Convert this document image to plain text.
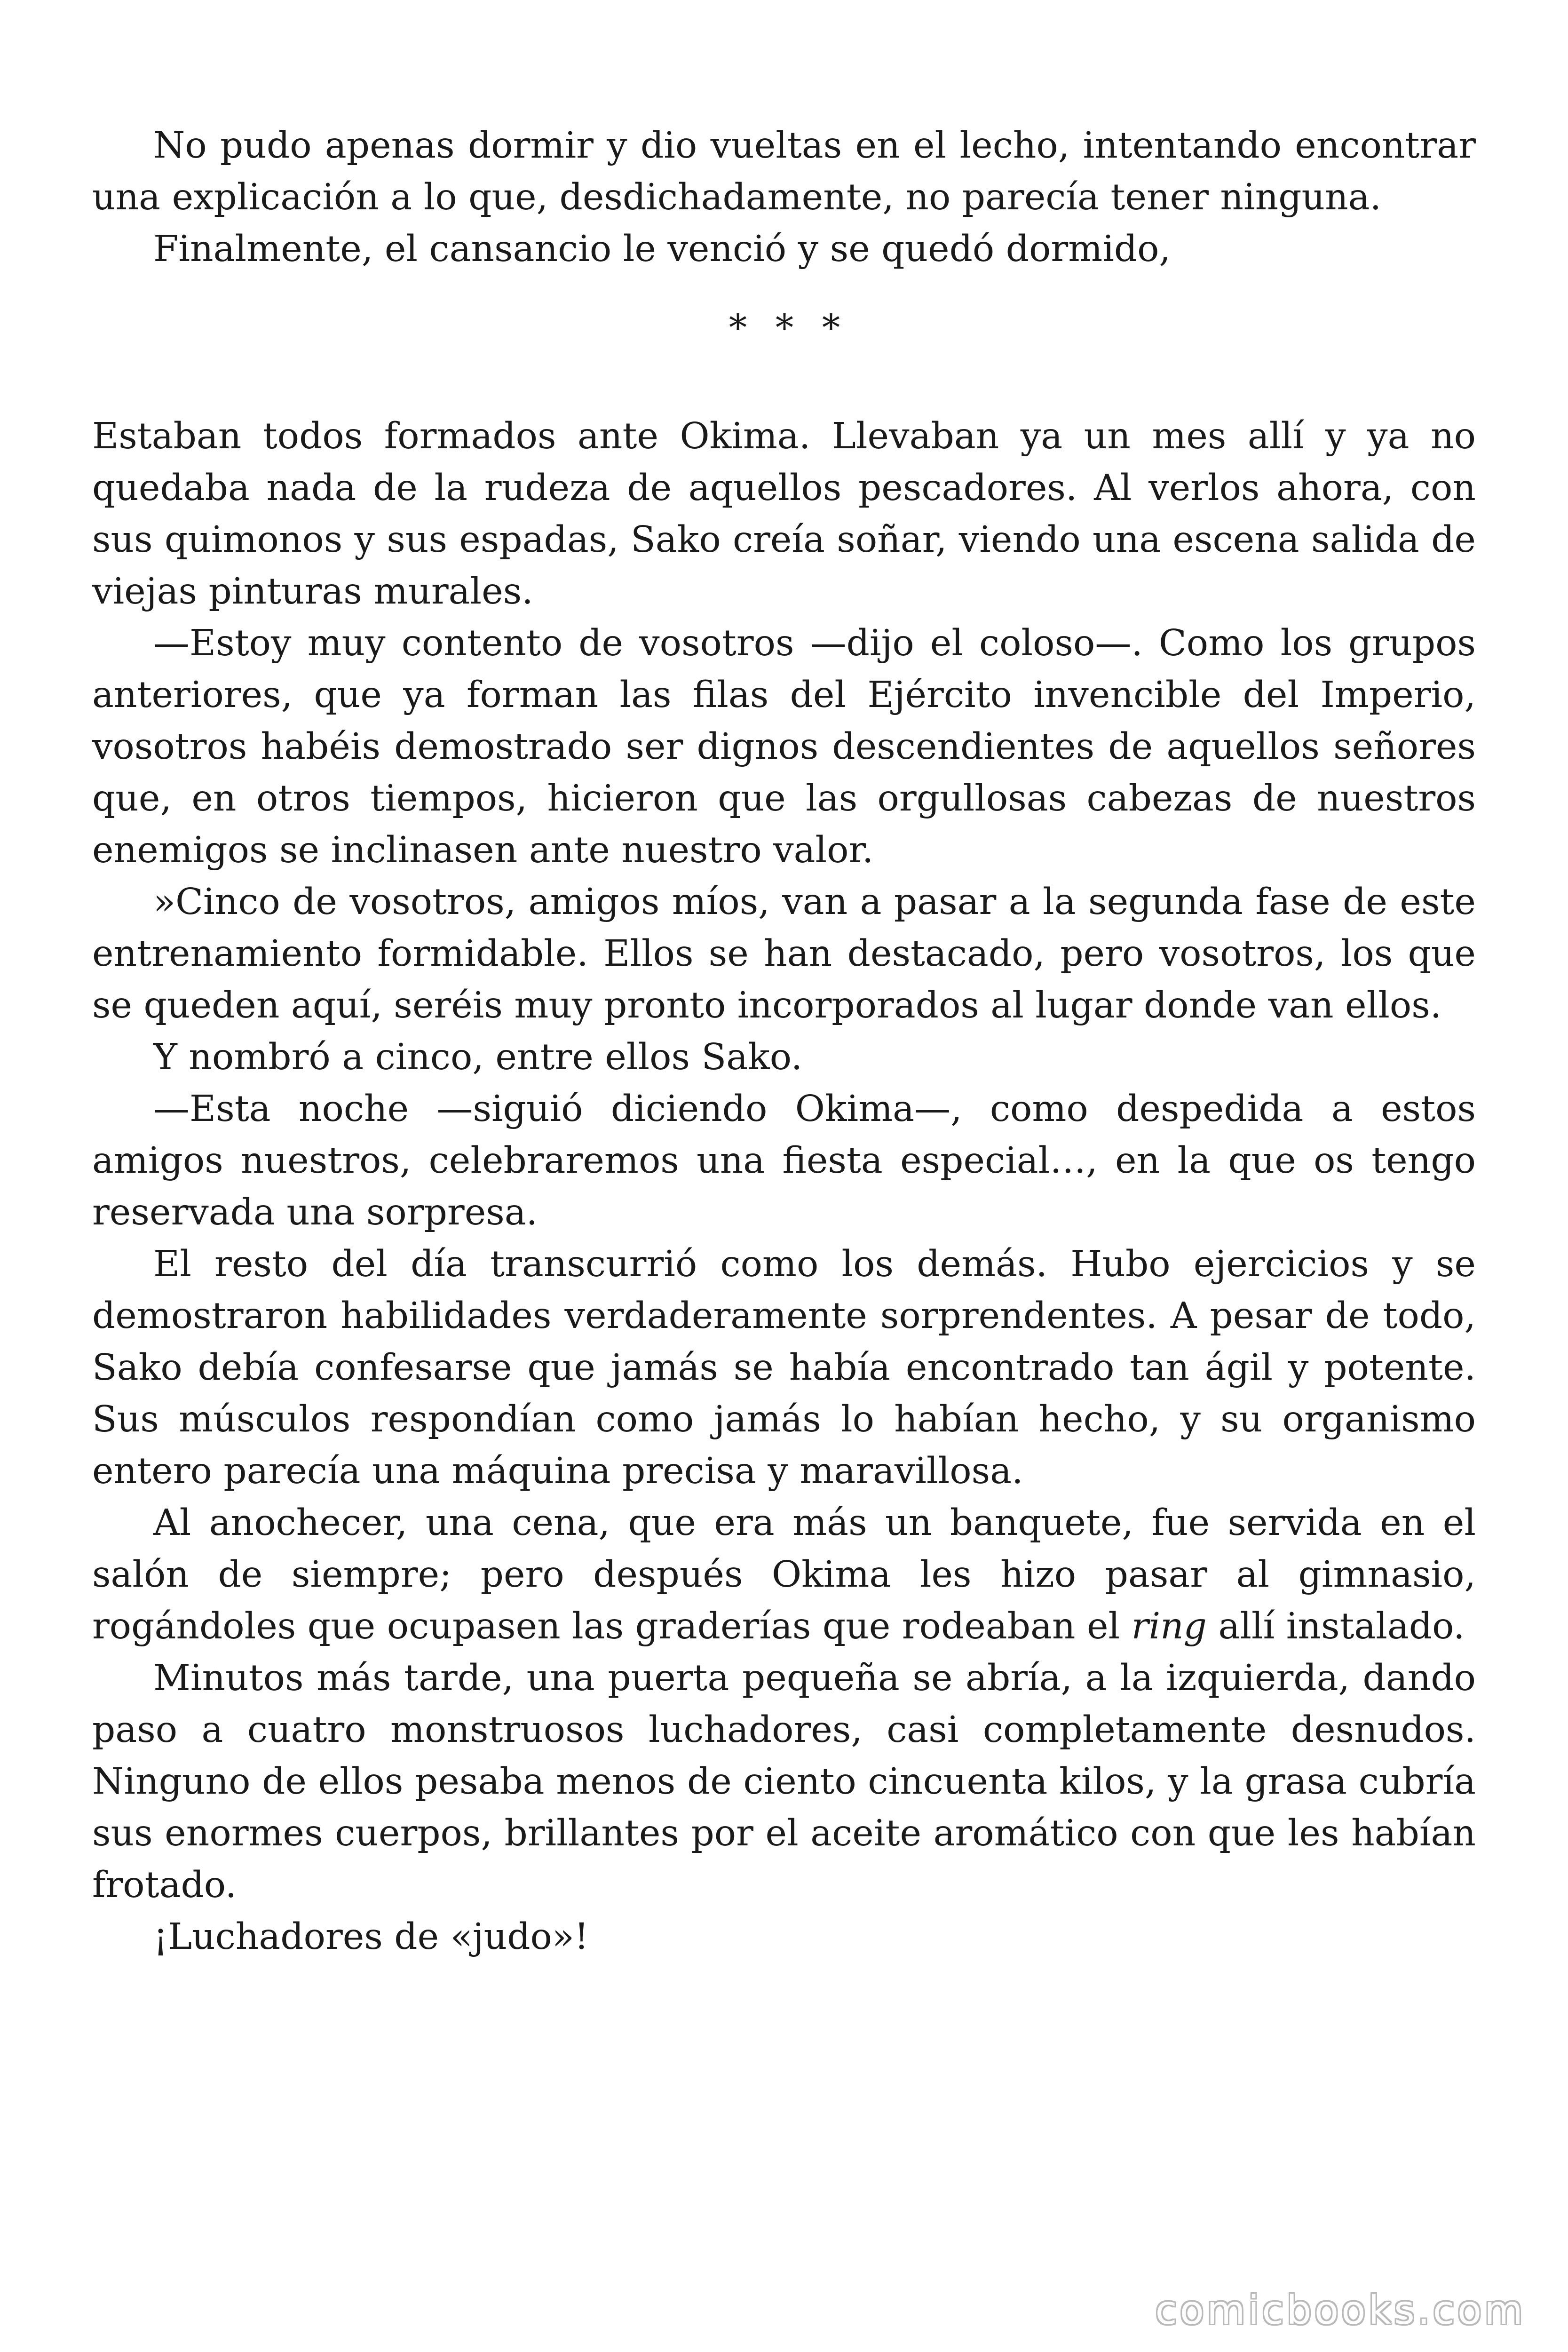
No pudo apenas dormir y dio vueltas en el lecho, intentando encontrar una explicación a lo que, desdichadamente, no parecía tener ninguna.

Finalmente, el cansancio le venció y se quedó dormido,

* * *

Estaban todos formados ante Okima. Llevaban ya un mes allí y ya no quedaba nada de la rudeza de aquellos pescadores. Al verlos ahora, con sus quimonos y sus espadas, Sako creía soñar, viendo una escena salida de viejas pinturas murales.

—Estoy muy contento de vosotros —dijo el coloso—. Como los grupos anteriores, que ya forman las filas del Ejército invencible del Imperio, vosotros habéis demostrado ser dignos descendientes de aquellos señores que, en otros tiempos, hicieron que las orgullosas cabezas de nuestros enemigos se inclinasen ante nuestro valor.

»Cinco de vosotros, amigos míos, van a pasar a la segunda fase de este entrenamiento formidable. Ellos se han destacado, pero vosotros, los que se queden aquí, seréis muy pronto incorporados al lugar donde van ellos.

Y nombró a cinco, entre ellos Sako.

—Esta noche —siguió diciendo Okima—, como despedida a estos amigos nuestros, celebraremos una fiesta especial…, en la que os tengo reservada una sorpresa.

El resto del día transcurrió como los demás. Hubo ejercicios y se demostraron habilidades verdaderamente sorprendentes. A pesar de todo, Sako debía confesarse que jamás se había encontrado tan ágil y potente. Sus músculos respondían como jamás lo habían hecho, y su organismo entero parecía una máquina precisa y maravillosa.

Al anochecer, una cena, que era más un banquete, fue servida en el salón de siempre; pero después Okima les hizo pasar al gimnasio, rogándoles que ocupasen las graderías que rodeaban el ring allí instalado.

Minutos más tarde, una puerta pequeña se abría, a la izquierda, dando paso a cuatro monstruosos luchadores, casi completamente desnudos. Ninguno de ellos pesaba menos de ciento cincuenta kilos, y la grasa cubría sus enormes cuerpos, brillantes por el aceite aromático con que les habían frotado.

¡Luchadores de «judo»!

comicbooks.com
